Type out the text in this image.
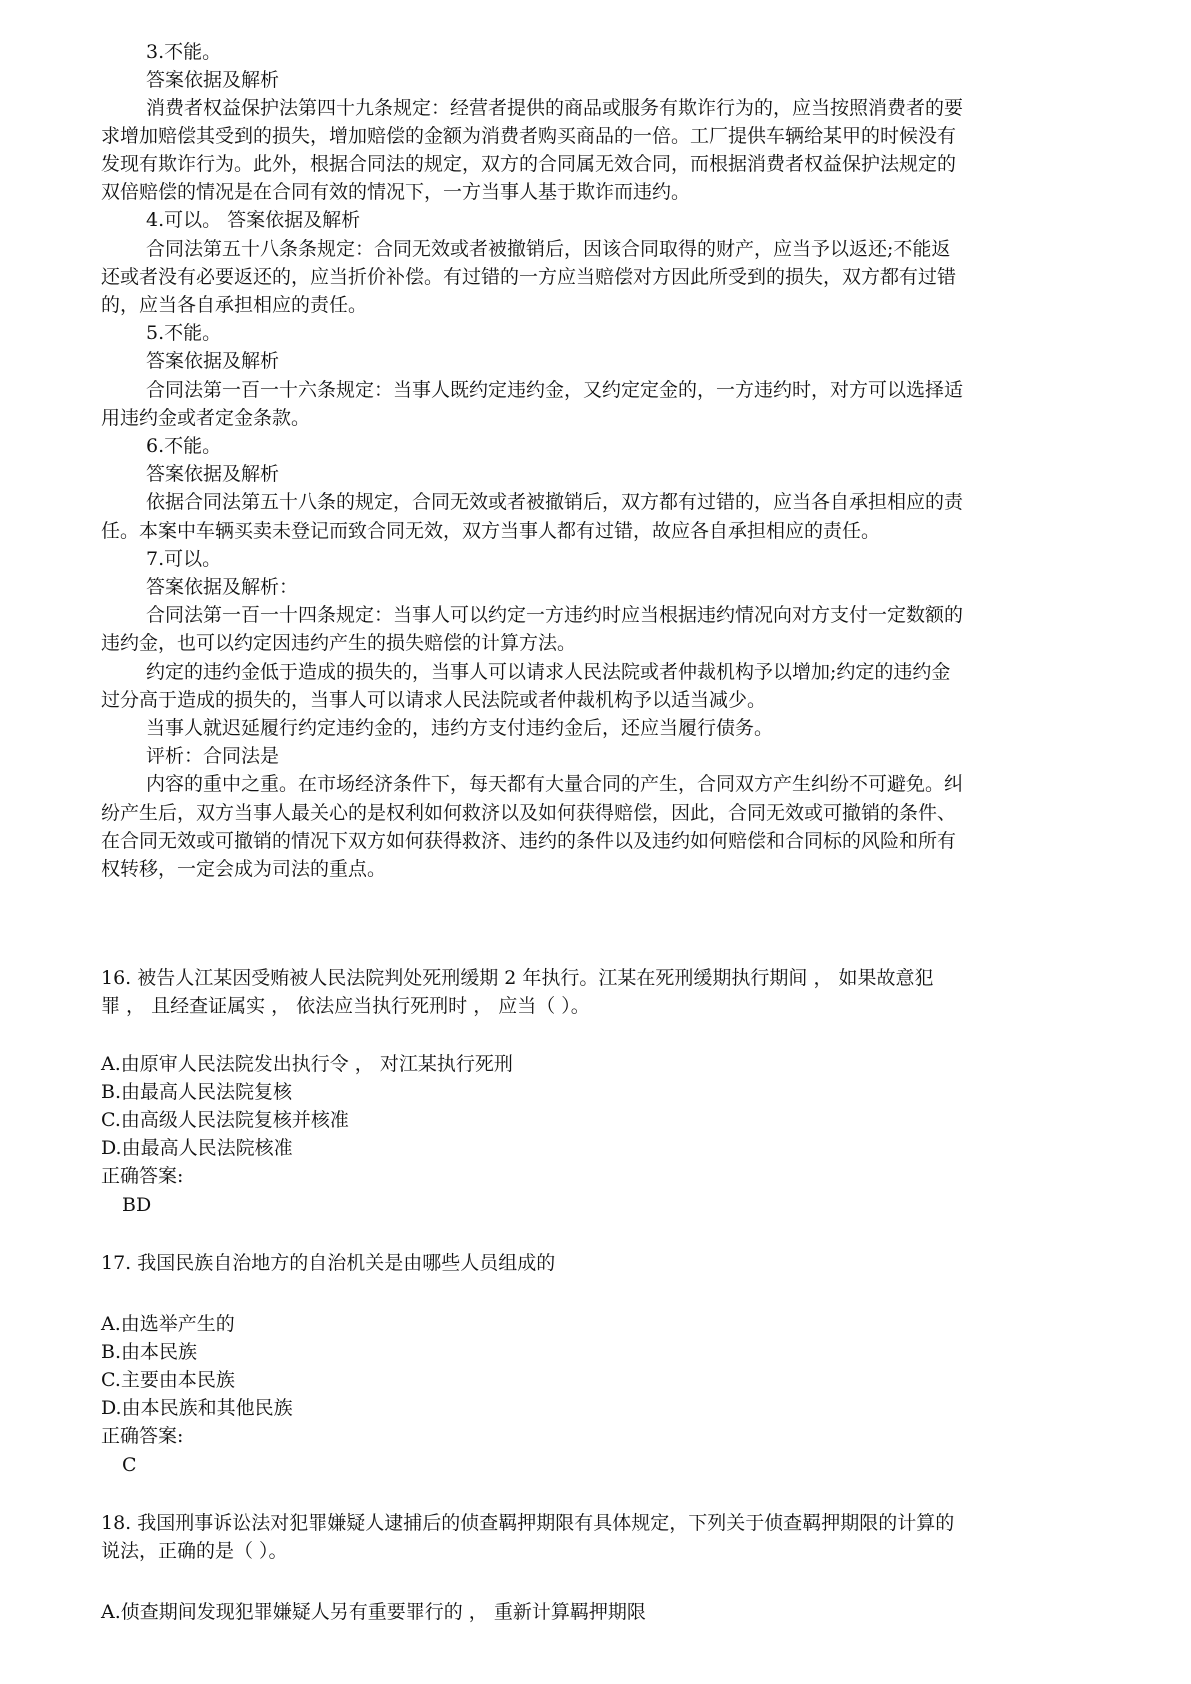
3.不能。
答案依据及解析
消费者权益保护法第四十九条规定：经营者提供的商品或服务有欺诈行为的，应当按照消费者的要
求增加赔偿其受到的损失，增加赔偿的金额为消费者购买商品的一倍。工厂提供车辆给某甲的时候没有
发现有欺诈行为。此外，根据合同法的规定，双方的合同属无效合同，而根据消费者权益保护法规定的
双倍赔偿的情况是在合同有效的情况下，一方当事人基于欺诈而违约。
4.可以。 答案依据及解析
合同法第五十八条条规定：合同无效或者被撤销后，因该合同取得的财产，应当予以返还;不能返
还或者没有必要返还的，应当折价补偿。有过错的一方应当赔偿对方因此所受到的损失，双方都有过错
的，应当各自承担相应的责任。
5.不能。
答案依据及解析
合同法第一百一十六条规定：当事人既约定违约金，又约定定金的，一方违约时，对方可以选择适
用违约金或者定金条款。
6.不能。
答案依据及解析
依据合同法第五十八条的规定，合同无效或者被撤销后，双方都有过错的，应当各自承担相应的责
任。本案中车辆买卖未登记而致合同无效，双方当事人都有过错，故应各自承担相应的责任。
7.可以。
答案依据及解析：
合同法第一百一十四条规定：当事人可以约定一方违约时应当根据违约情况向对方支付一定数额的
违约金，也可以约定因违约产生的损失赔偿的计算方法。
约定的违约金低于造成的损失的，当事人可以请求人民法院或者仲裁机构予以增加;约定的违约金
过分高于造成的损失的，当事人可以请求人民法院或者仲裁机构予以适当减少。
当事人就迟延履行约定违约金的，违约方支付违约金后，还应当履行债务。
评析：合同法是
内容的重中之重。在市场经济条件下，每天都有大量合同的产生，合同双方产生纠纷不可避免。纠
纷产生后，双方当事人最关心的是权利如何救济以及如何获得赔偿，因此，合同无效或可撤销的条件、
在合同无效或可撤销的情况下双方如何获得救济、违约的条件以及违约如何赔偿和合同标的风险和所有
权转移，一定会成为司法的重点。
16. 被告人江某因受贿被人民法院判处死刑缓期 2 年执行。江某在死刑缓期执行期间 ， 如果故意犯
罪 ， 且经查证属实 ， 依法应当执行死刑时 ， 应当（ ）。
A.由原审人民法院发出执行令 ， 对江某执行死刑
B.由最高人民法院复核
C.由高级人民法院复核并核准
D.由最高人民法院核准
正确答案:
BD
17. 我国民族自治地方的自治机关是由哪些人员组成的
A.由选举产生的
B.由本民族
C.主要由本民族
D.由本民族和其他民族
正确答案:
C
18. 我国刑事诉讼法对犯罪嫌疑人逮捕后的侦查羁押期限有具体规定，下列关于侦查羁押期限的计算的
说法，正确的是（ ）。
A.侦查期间发现犯罪嫌疑人另有重要罪行的 ， 重新计算羁押期限
